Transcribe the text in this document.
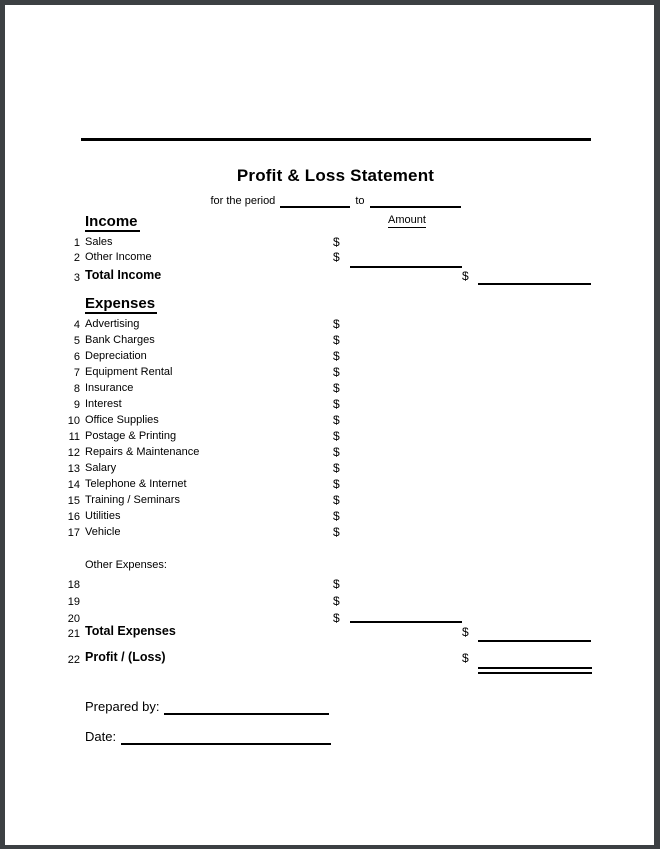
Profit & Loss Statement
for the period	to
Income	Amount
1 Sales	$
2 Other Income	$
3 Total Income	$
Expenses
4 Advertising	$
5 Bank Charges	$
6 Depreciation	$
7 Equipment Rental	$
8 Insurance	$
9 Interest	$
10 Office Supplies	$
11 Postage & Printing	$
12 Repairs & Maintenance	$
13 Salary	$
14 Telephone & Internet	$
15 Training / Seminars	$
16 Utilities	$
17 Vehicle	$
Other Expenses:
18	$
19	$
20	$
21 Total Expenses	$
22 Profit / (Loss)	$
Prepared by:
Date:
